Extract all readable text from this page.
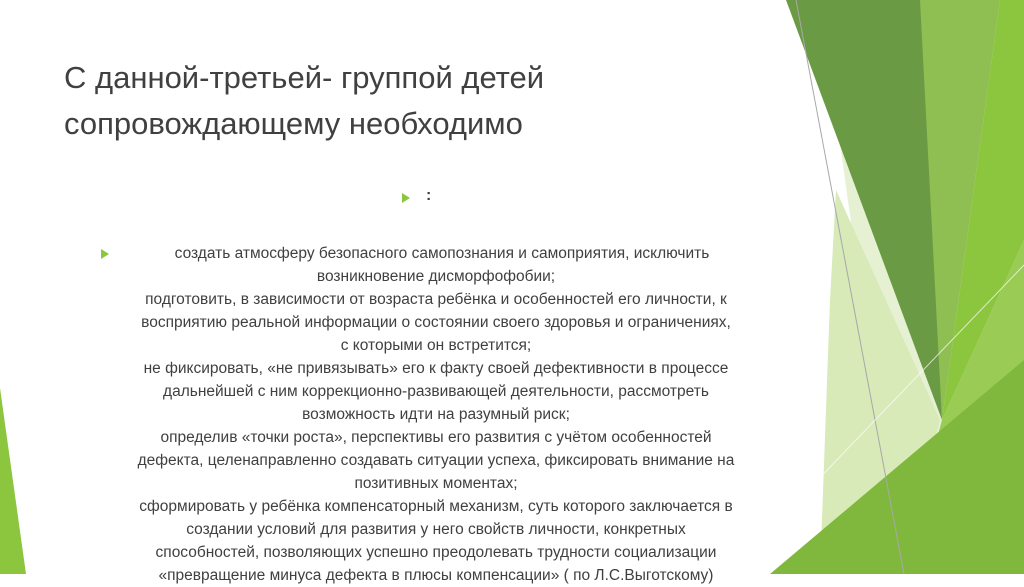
С данной-третьей- группой детей
сопровождающему необходимо
:
создать атмосферу безопасного самопознания и самоприятия, исключить
возникновение дисморфофобии;
подготовить, в зависимости от возраста ребёнка и особенностей его личности, к
восприятию реальной информации о состоянии своего здоровья и ограничениях,
с которыми он встретится;
не фиксировать, «не привязывать» его к факту своей дефективности в процессе
дальнейшей с ним коррекционно-развивающей деятельности, рассмотреть
возможность идти на разумный риск;
определив «точки роста», перспективы его развития с учётом особенностей
дефекта, целенаправленно создавать ситуации успеха, фиксировать внимание на
позитивных моментах;
сформировать у ребёнка компенсаторный механизм, суть которого заключается в
создании условий для развития у него свойств личности, конкретных
способностей, позволяющих успешно преодолевать трудности социализации
«превращение минуса дефекта в плюсы компенсации» ( по Л.С.Выготскому)
